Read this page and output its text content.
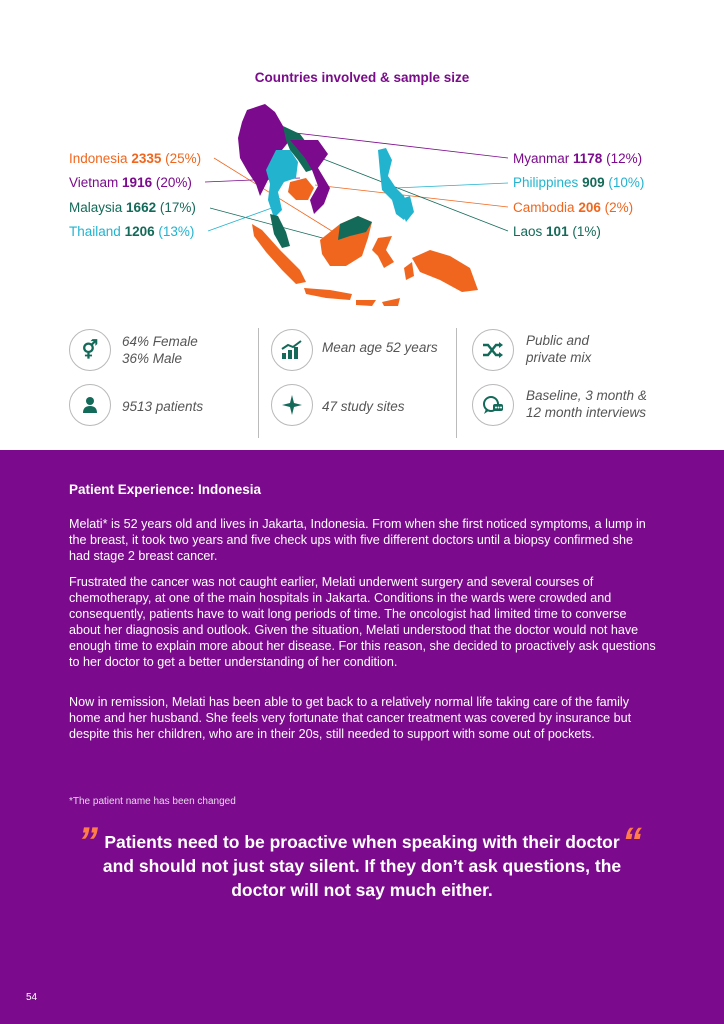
Countries involved & sample size
Indonesia 2335 (25%)
Vietnam 1916 (20%)
Malaysia 1662 (17%)
Thailand 1206 (13%)
Myanmar 1178 (12%)
Philippines 909 (10%)
Cambodia 206 (2%)
Laos 101 (1%)
⚥	64% Female
36% Male
9513 patients
Mean age 52 years
47 study sites
Public and
private mix
Baseline, 3 month &
12 month interviews
Patient Experience: Indonesia

Melati* is 52 years old and lives in Jakarta, Indonesia. From when she first noticed symptoms, a lump in the breast, it took two years and five check ups with five different doctors until a biopsy confirmed she had stage 2 breast cancer.

Frustrated the cancer was not caught earlier, Melati underwent surgery and several courses of chemotherapy, at one of the main hospitals in Jakarta. Conditions in the wards were crowded and consequently, patients have to wait long periods of time. The oncologist had limited time to converse about her diagnosis and outlook. Given the situation, Melati understood that the doctor would not have enough time to explain more about her disease. For this reason, she decided to proactively ask questions to her doctor to get a better understanding of her condition.

Now in remission, Melati has been able to get back to a relatively normal life taking care of the family home and her husband. She feels very fortunate that cancer treatment was covered by insurance but despite this her children, who are in their 20s, still needed to support with some out of pockets.

*The patient name has been changed
”	“
Patients need to be proactive when speaking with their doctor and should not just stay silent. If they don’t ask questions, the doctor will not say much either.
54
